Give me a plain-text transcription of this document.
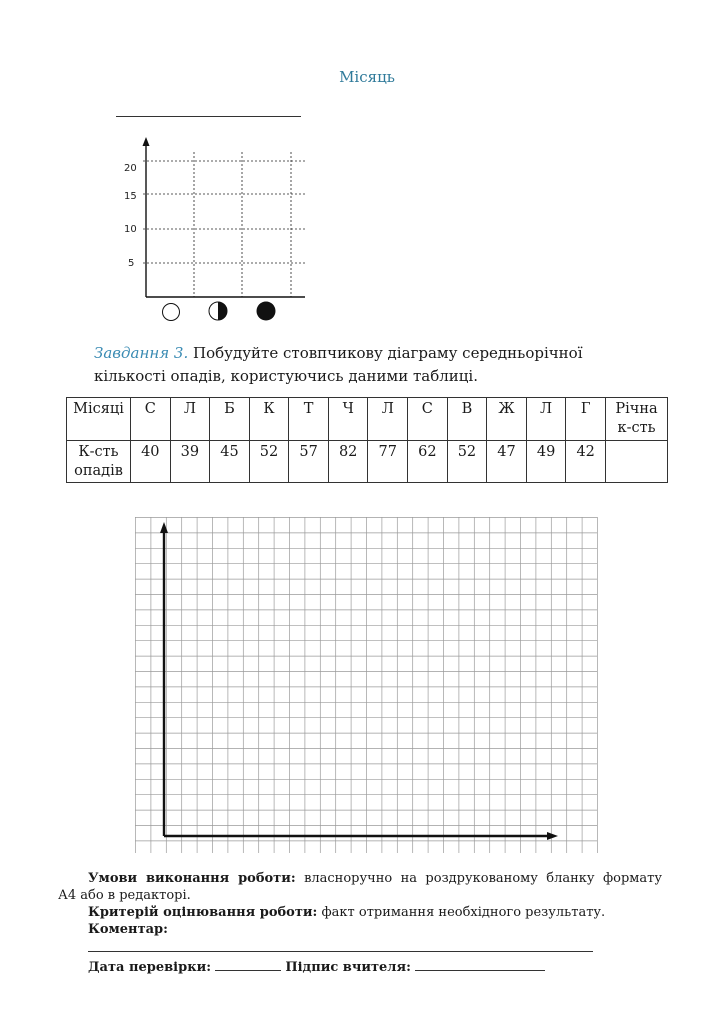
Місяць
20
15
10
5
Завдання 3. Побудуйте стовпчикову діаграму середньорічної кількості опадів, користуючись даними таблиці.
Місяці	С	Л	Б	К	Т	Ч	Л	С	В	Ж	Л	Г	Річна
к-сть
К-сть
опадів	40	39	45	52	57	82	77	62	52	47	49	42	

Умови виконання роботи: власноручно на роздрукованому бланку формату

А4 або в редакторі.

Критерій оцінювання роботи: факт отримання необхідного результату.

Коментар:

Дата перевірки:	Підпис вчителя:
